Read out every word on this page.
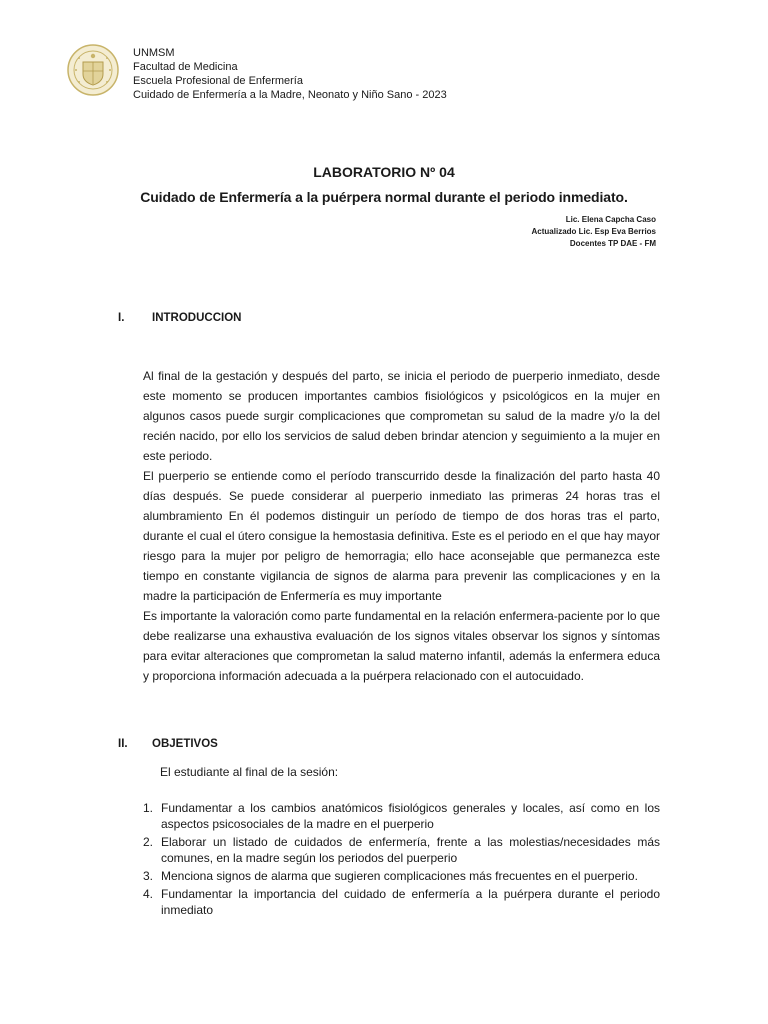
UNMSM
Facultad de Medicina
Escuela Profesional de Enfermería
Cuidado de Enfermería a la Madre, Neonato y Niño Sano - 2023
LABORATORIO Nº 04
Cuidado de Enfermería a la puérpera normal durante el periodo inmediato.
Lic. Elena Capcha Caso
Actualizado Lic. Esp Eva Berrios
Docentes TP DAE - FM
I. INTRODUCCION

Al final de la gestación y después del parto, se inicia el periodo de puerperio inmediato, desde este momento se producen importantes cambios fisiológicos y psicológicos en la mujer en algunos casos puede surgir complicaciones que comprometan su salud de la madre y/o la del recién nacido, por ello los servicios de salud deben brindar atencion y seguimiento a la mujer en este periodo.

El puerperio se entiende como el período transcurrido desde la finalización del parto hasta 40 días después. Se puede considerar al puerperio inmediato las primeras 24 horas tras el alumbramiento En él podemos distinguir un período de tiempo de dos horas tras el parto, durante el cual el útero consigue la hemostasia definitiva. Este es el periodo en el que hay mayor riesgo para la mujer por peligro de hemorragia; ello hace aconsejable que permanezca este tiempo en constante vigilancia de signos de alarma para prevenir las complicaciones y en la madre la participación de Enfermería es muy importante

Es importante la valoración como parte fundamental en la relación enfermera-paciente por lo que debe realizarse una exhaustiva evaluación de los signos vitales observar los signos y síntomas para evitar alteraciones que comprometan la salud materno infantil, además la enfermera educa y proporciona información adecuada a la puérpera relacionado con el autocuidado.

II. OBJETIVOS
El estudiante al final de la sesión:
1. Fundamentar a los cambios anatómicos fisiológicos generales y locales, así como en los aspectos psicosociales de la madre en el puerperio
2. Elaborar un listado de cuidados de enfermería, frente a las molestias/necesidades más comunes, en la madre según los periodos del puerperio
3. Menciona signos de alarma que sugieren complicaciones más frecuentes en el puerperio.
4. Fundamentar la importancia del cuidado de enfermería a la puérpera durante el periodo inmediato
